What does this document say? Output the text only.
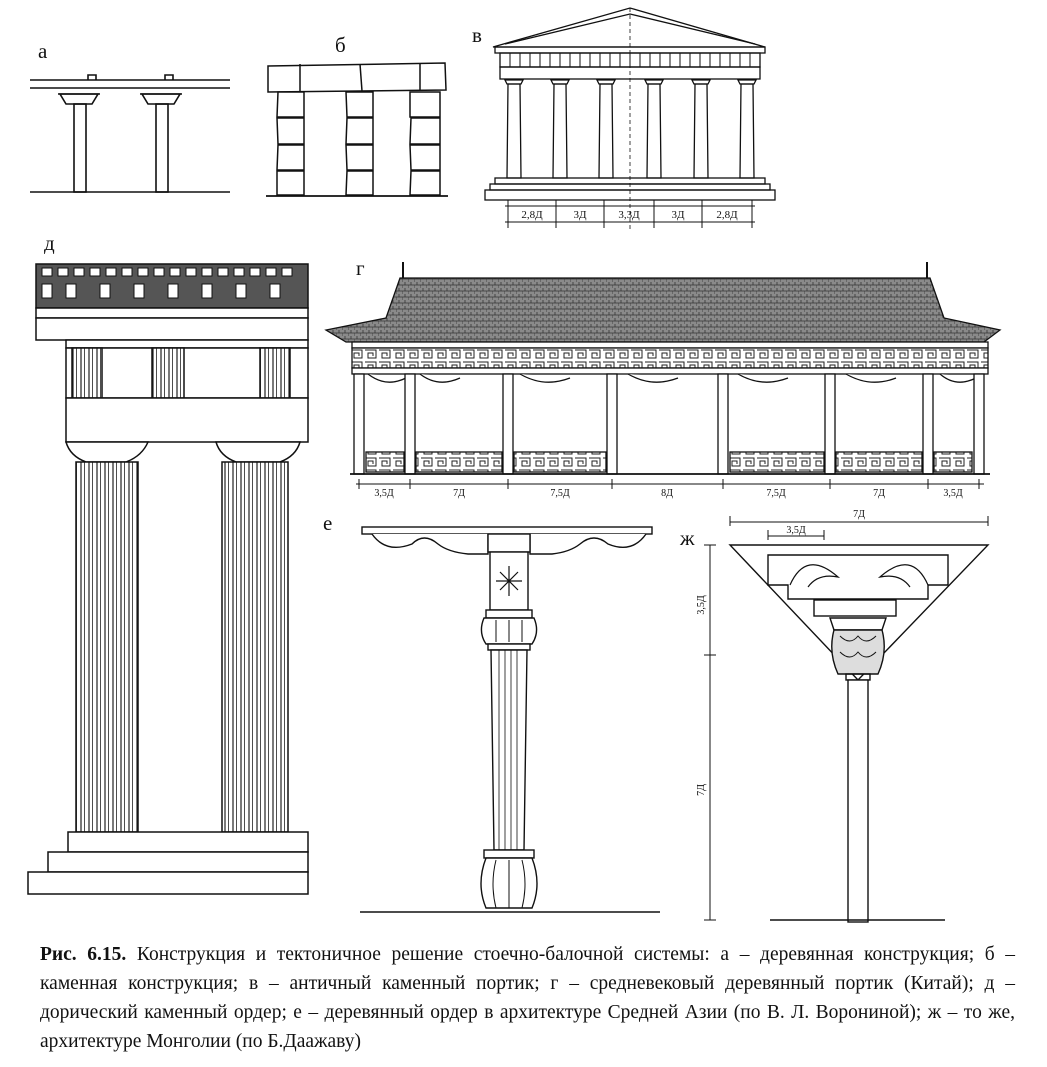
а	б	в
2,8Д	3Д	3,3Д	3Д	2,8Д
д
г
3,5Д	7Д	7,5Д	8Д	7,5Д	7Д	3,5Д
е
ж
7Д
3,5Д
3,5Д
7Д
Рис. 6.15. Конструкция и тектоничное решение стоечно-балочной системы: а – деревянная конструкция; б – каменная конструкция; в – античный каменный портик; г – средневековый деревянный портик (Китай); д – дорический каменный ордер; е – деревянный ордер в архитектуре Средней Азии (по В. Л. Ворониной); ж – то же, архитектуре Монголии (по Б.Даажаву)
